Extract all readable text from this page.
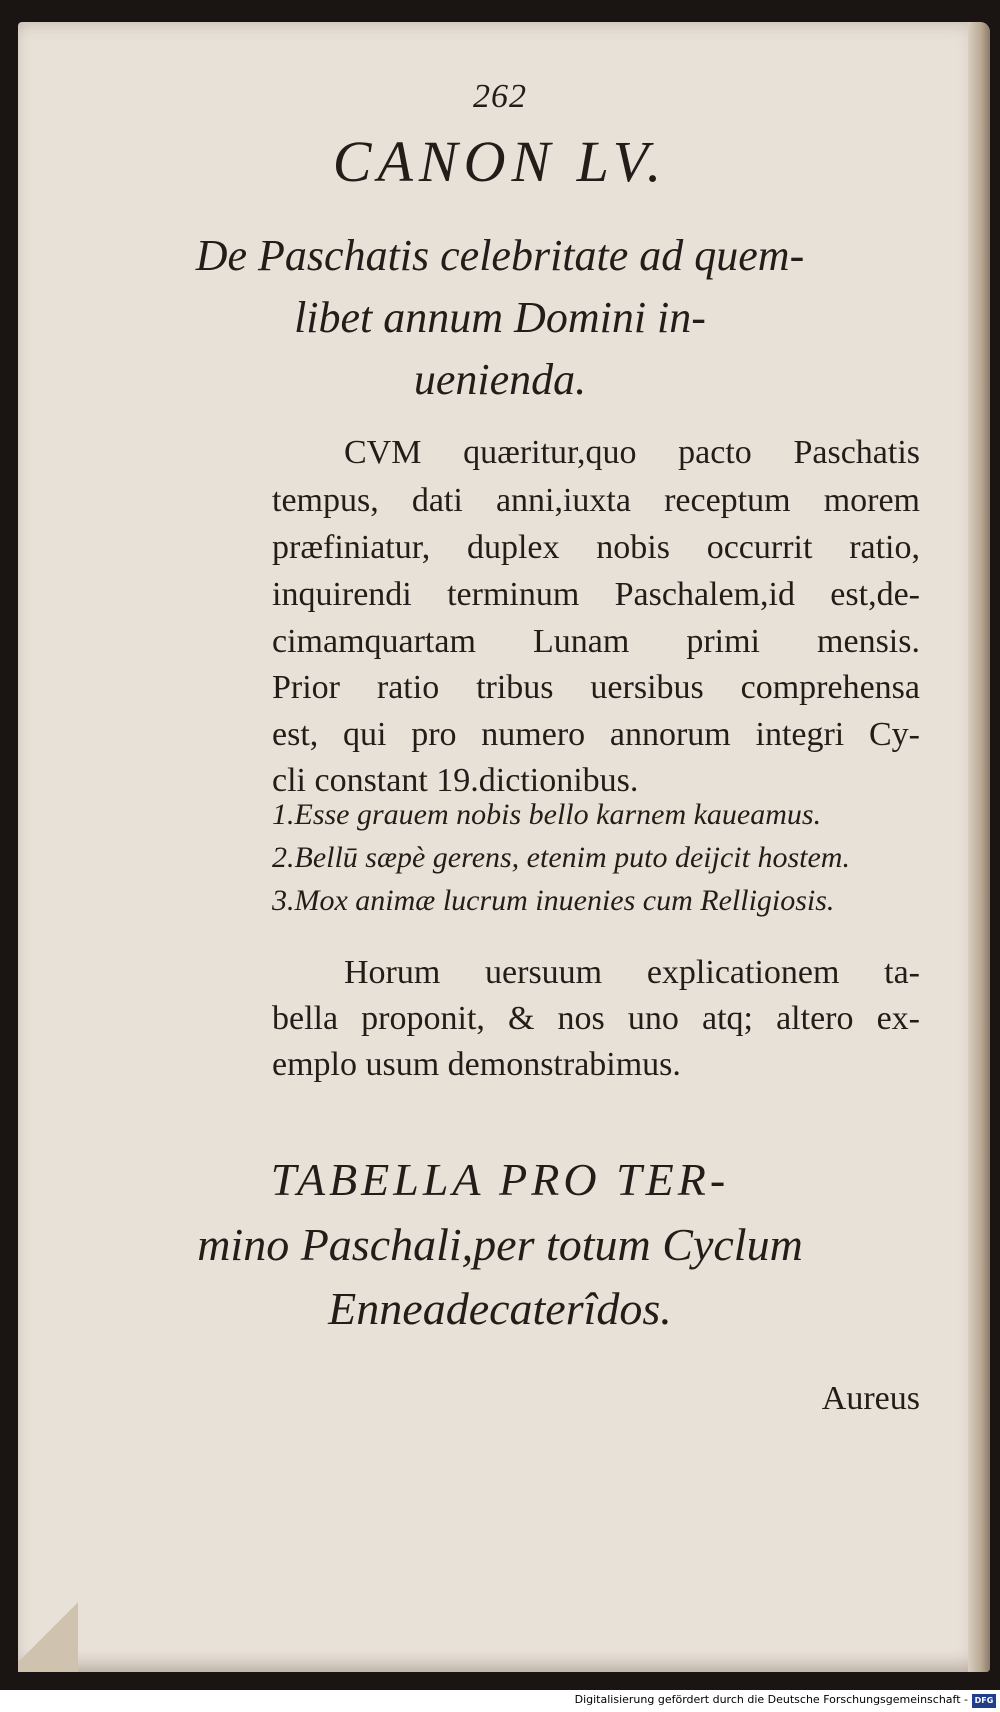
262
CANON LV.
De Paschatis celebritate ad quem-
libet annum Domini in-
uenienda.
CVM quæritur,quo pacto Paschatis
tempus, dati anni,iuxta receptum morem
præfiniatur, duplex nobis occurrit ratio,
inquirendi terminum Paschalem,id est,de-
cimamquartam Lunam primi mensis.
Prior ratio tribus uersibus comprehensa
est, qui pro numero annorum integri Cy-
cli constant 19.dictionibus.
1.Esse grauem nobis bello karnem kaueamus.
2.Bellū sæpè gerens, etenim puto deijcit hostem.
3.Mox animæ lucrum inuenies cum Relligiosis.
Horum uersuum explicationem ta-
bella proponit, & nos uno atq; altero ex-
emplo usum demonstrabimus.
TABELLA PRO TER-
mino Paschali,per totum Cyclum
Enneadecaterîdos.
Aureus
Digitalisierung gefördert durch die Deutsche Forschungsgemeinschaft - DFG
